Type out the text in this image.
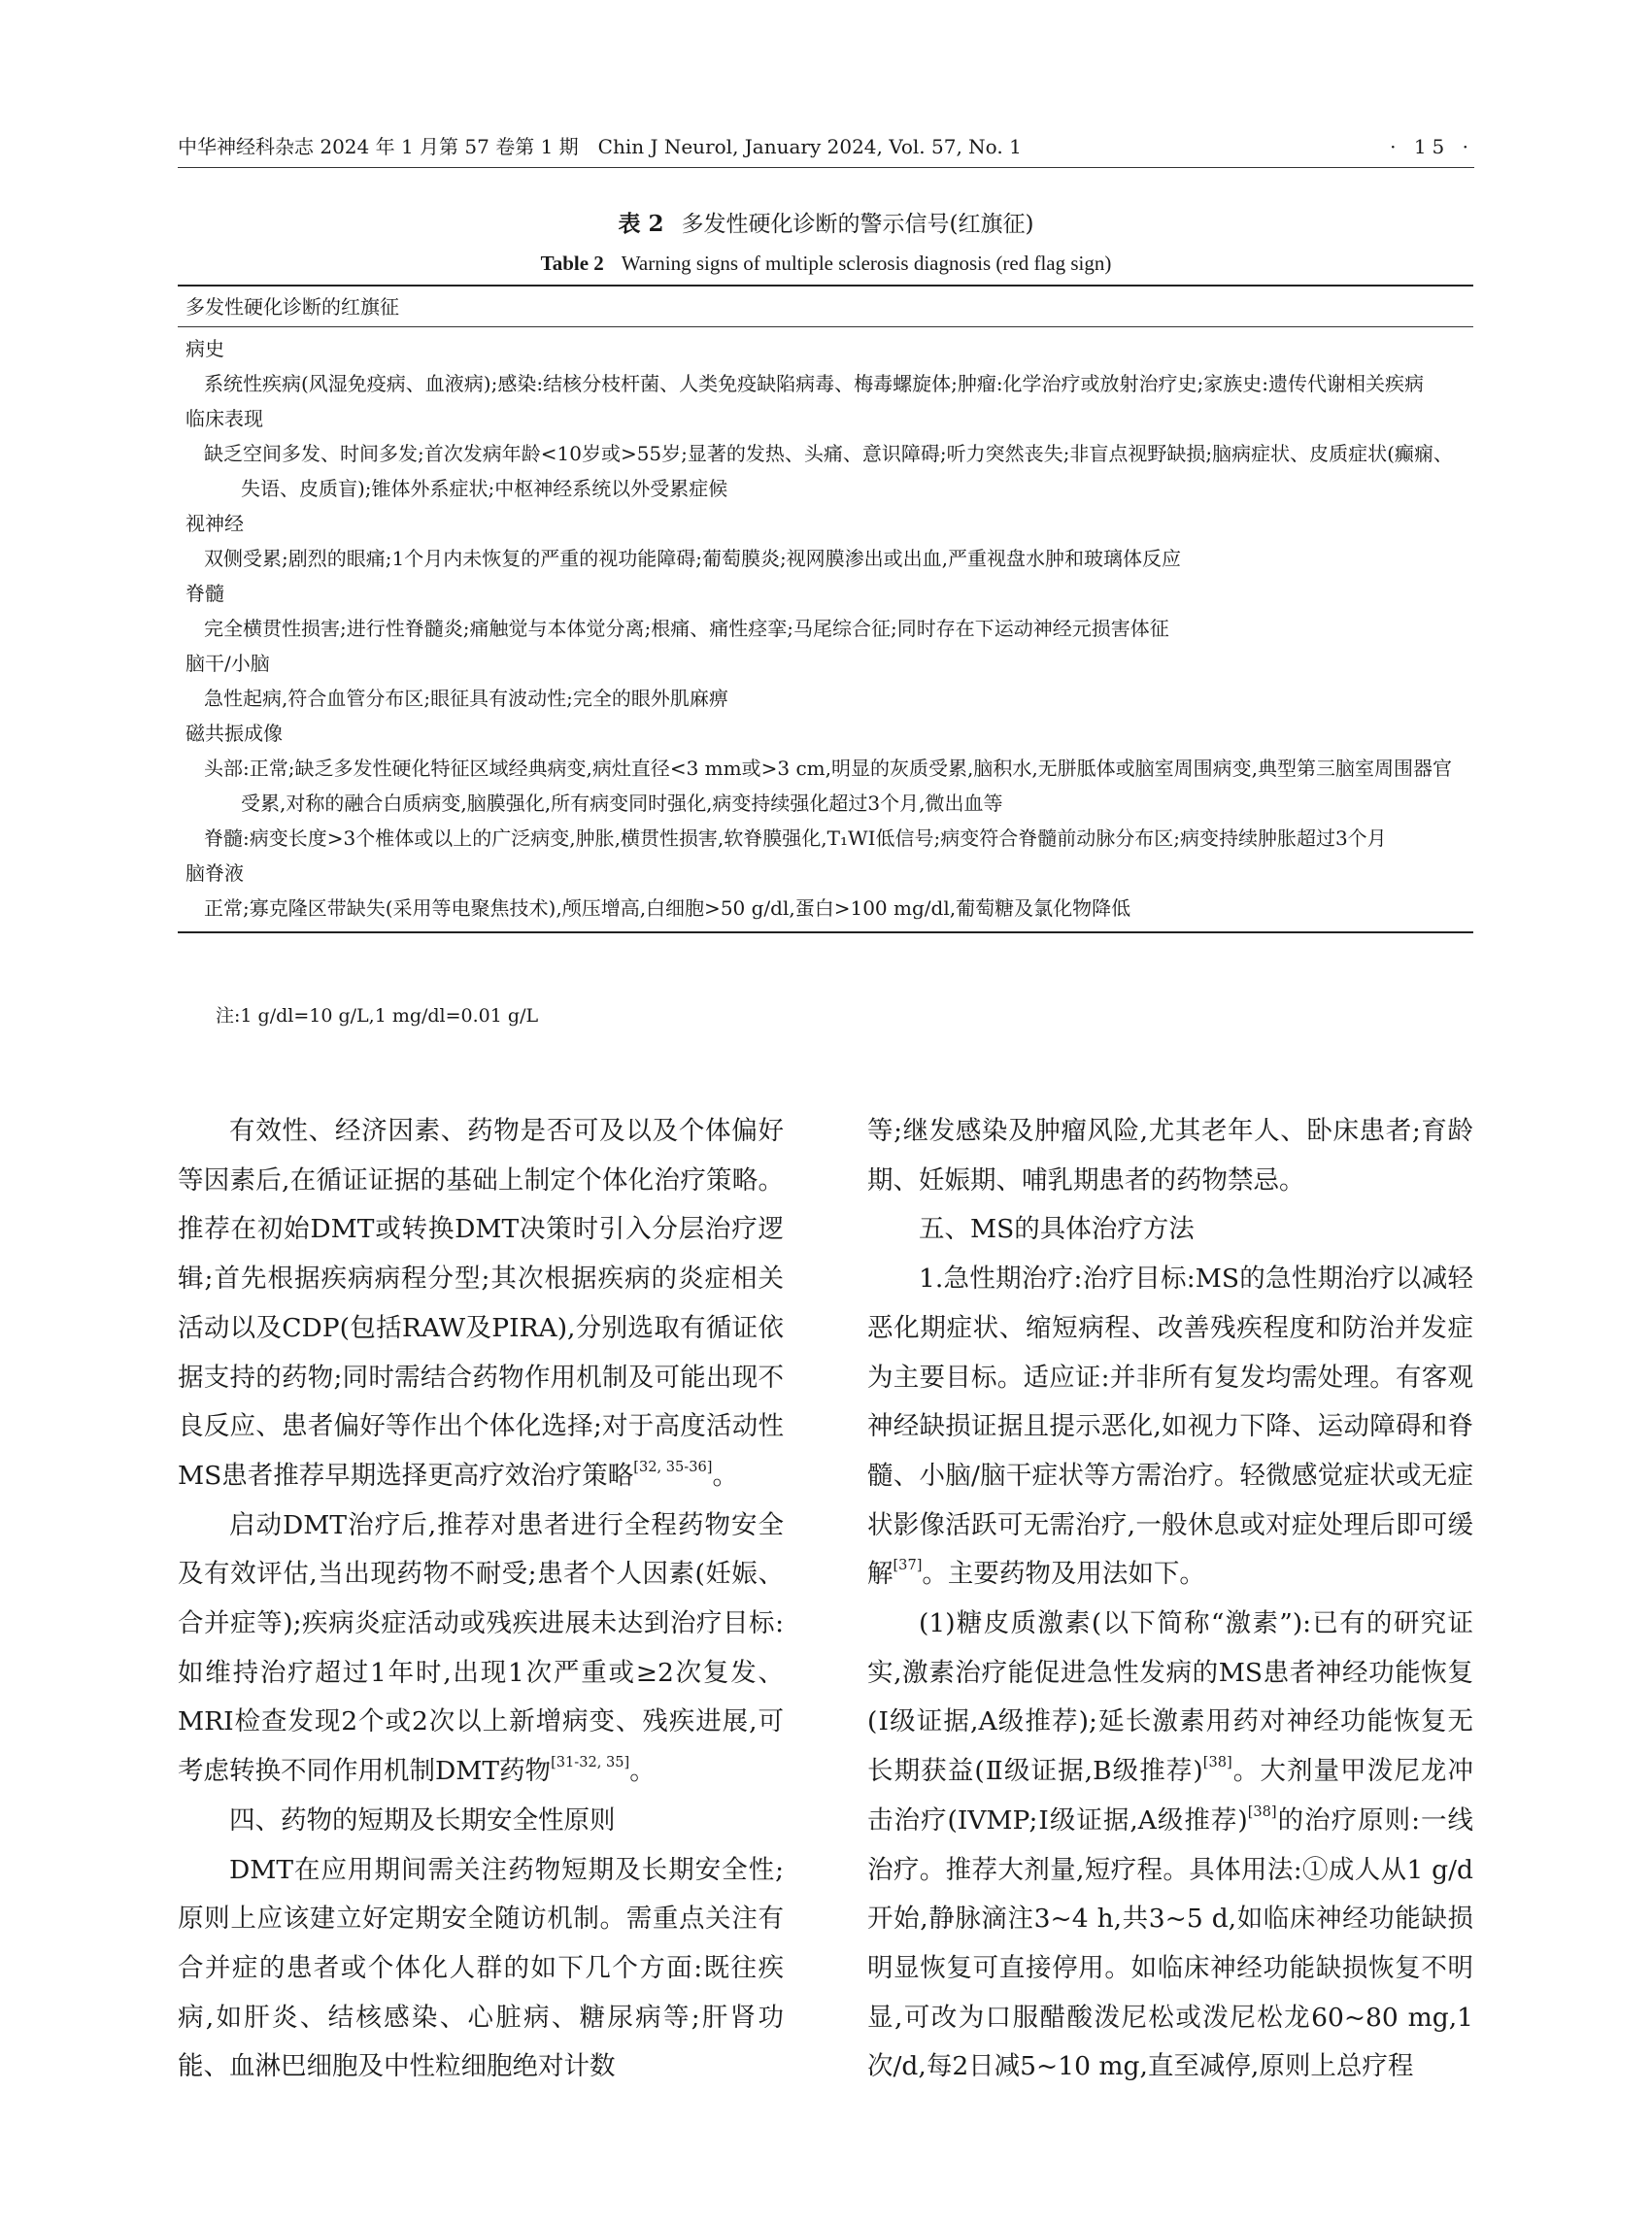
中华神经科杂志 2024 年 1 月第 57 卷第 1 期　Chin J Neurol, January 2024, Vol. 57, No. 1	· 15 ·
表 2 多发性硬化诊断的警示信号(红旗征)
Table 2 Warning signs of multiple sclerosis diagnosis (red flag sign)
多发性硬化诊断的红旗征
病史
系统性疾病(风湿免疫病、血液病);感染:结核分枝杆菌、人类免疫缺陷病毒、梅毒螺旋体;肿瘤:化学治疗或放射治疗史;家族史:遗传代谢相关疾病
临床表现
缺乏空间多发、时间多发;首次发病年龄<10岁或>55岁;显著的发热、头痛、意识障碍;听力突然丧失;非盲点视野缺损;脑病症状、皮质症状(癫痫、失语、皮质盲);锥体外系症状;中枢神经系统以外受累症候
视神经
双侧受累;剧烈的眼痛;1个月内未恢复的严重的视功能障碍;葡萄膜炎;视网膜渗出或出血,严重视盘水肿和玻璃体反应
脊髓
完全横贯性损害;进行性脊髓炎;痛触觉与本体觉分离;根痛、痛性痉挛;马尾综合征;同时存在下运动神经元损害体征
脑干/小脑
急性起病,符合血管分布区;眼征具有波动性;完全的眼外肌麻痹
磁共振成像
头部:正常;缺乏多发性硬化特征区域经典病变,病灶直径<3 mm或>3 cm,明显的灰质受累,脑积水,无胼胝体或脑室周围病变,典型第三脑室周围器官受累,对称的融合白质病变,脑膜强化,所有病变同时强化,病变持续强化超过3个月,微出血等
脊髓:病变长度>3个椎体或以上的广泛病变,肿胀,横贯性损害,软脊膜强化,T₁WI低信号;病变符合脊髓前动脉分布区;病变持续肿胀超过3个月
脑脊液
正常;寡克隆区带缺失(采用等电聚焦技术),颅压增高,白细胞>50 g/dl,蛋白>100 mg/dl,葡萄糖及氯化物降低
注:1 g/dl=10 g/L,1 mg/dl=0.01 g/L

有效性、经济因素、药物是否可及以及个体偏好等因素后,在循证证据的基础上制定个体化治疗策略。推荐在初始DMT或转换DMT决策时引入分层治疗逻辑;首先根据疾病病程分型;其次根据疾病的炎症相关活动以及CDP(包括RAW及PIRA),分别选取有循证依据支持的药物;同时需结合药物作用机制及可能出现不良反应、患者偏好等作出个体化选择;对于高度活动性MS患者推荐早期选择更高疗效治疗策略[32, 35-36]。

启动DMT治疗后,推荐对患者进行全程药物安全及有效评估,当出现药物不耐受;患者个人因素(妊娠、合并症等);疾病炎症活动或残疾进展未达到治疗目标:如维持治疗超过1年时,出现1次严重或≥2次复发、MRI检查发现2个或2次以上新增病变、残疾进展,可考虑转换不同作用机制DMT药物[31-32, 35]。

四、药物的短期及长期安全性原则

DMT在应用期间需关注药物短期及长期安全性;原则上应该建立好定期安全随访机制。需重点关注有合并症的患者或个体化人群的如下几个方面:既往疾病,如肝炎、结核感染、心脏病、糖尿病等;肝肾功能、血淋巴细胞及中性粒细胞绝对计数

等;继发感染及肿瘤风险,尤其老年人、卧床患者;育龄期、妊娠期、哺乳期患者的药物禁忌。

五、MS的具体治疗方法

1.急性期治疗:治疗目标:MS的急性期治疗以减轻恶化期症状、缩短病程、改善残疾程度和防治并发症为主要目标。适应证:并非所有复发均需处理。有客观神经缺损证据且提示恶化,如视力下降、运动障碍和脊髓、小脑/脑干症状等方需治疗。轻微感觉症状或无症状影像活跃可无需治疗,一般休息或对症处理后即可缓解[37]。主要药物及用法如下。

(1)糖皮质激素(以下简称“激素”):已有的研究证实,激素治疗能促进急性发病的MS患者神经功能恢复(Ⅰ级证据,A级推荐);延长激素用药对神经功能恢复无长期获益(Ⅱ级证据,B级推荐)[38]。大剂量甲泼尼龙冲击治疗(IVMP;Ⅰ级证据,A级推荐)[38]的治疗原则:一线治疗。推荐大剂量,短疗程。具体用法:①成人从1 g/d开始,静脉滴注3~4 h,共3~5 d,如临床神经功能缺损明显恢复可直接停用。如临床神经功能缺损恢复不明显,可改为口服醋酸泼尼松或泼尼松龙60~80 mg,1次/d,每2日减5~10 mg,直至减停,原则上总疗程
